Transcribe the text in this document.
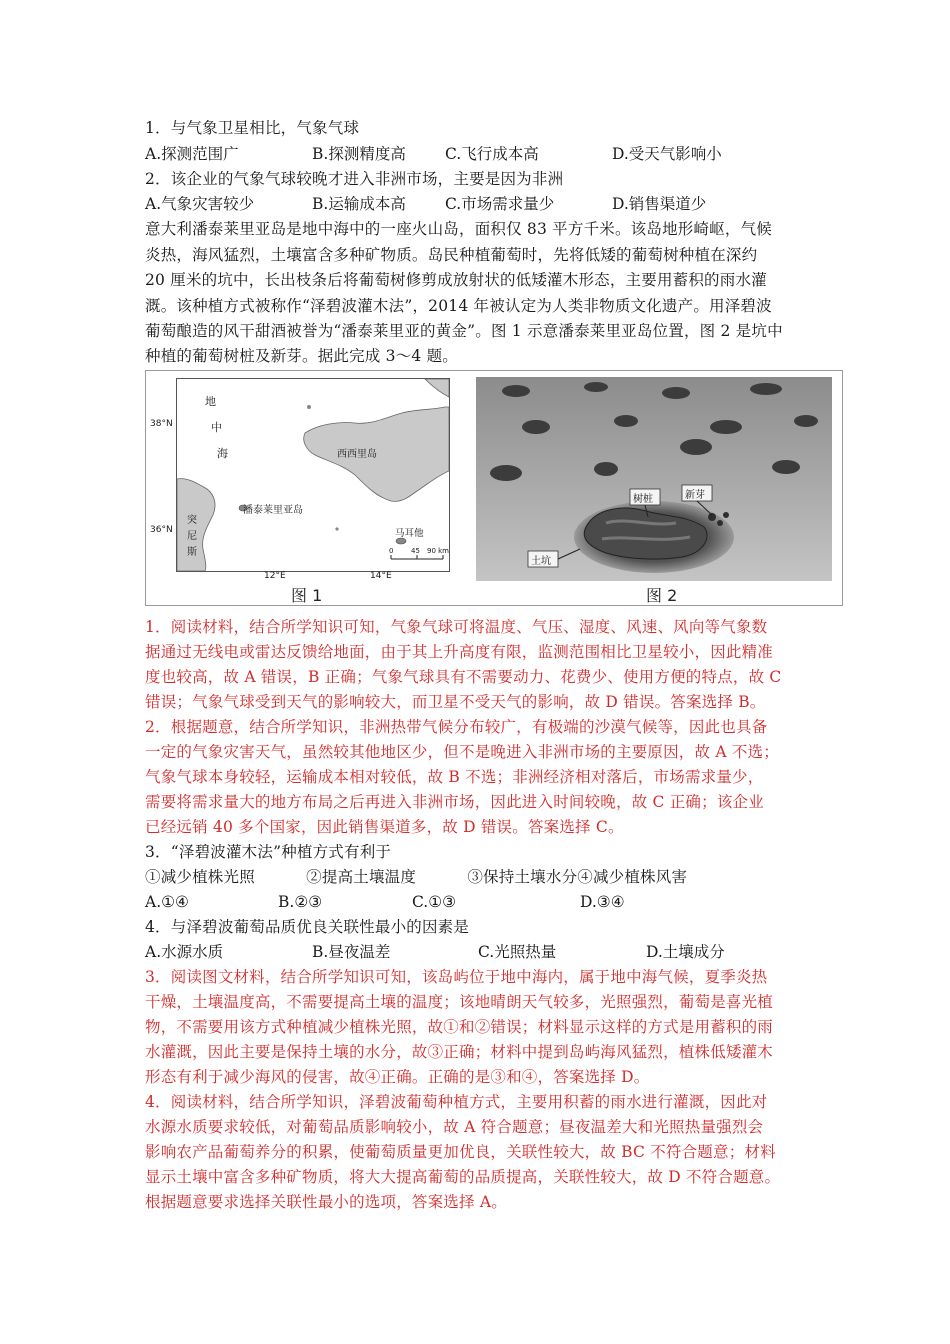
1．与气象卫星相比，气象气球
A.探测范围广	B.探测精度高	C.飞行成本高	D.受天气影响小
2．该企业的气象气球较晚才进入非洲市场，主要是因为非洲
A.气象灾害较少	B.运输成本高	C.市场需求量少	D.销售渠道少
意大利潘泰莱里亚岛是地中海中的一座火山岛，面积仅 83 平方千米。该岛地形崎岖，气候
炎热，海风猛烈，土壤富含多种矿物质。岛民种植葡萄时，先将低矮的葡萄树种植在深约
20 厘米的坑中，长出枝条后将葡萄树修剪成放射状的低矮灌木形态，主要用蓄积的雨水灌
溉。该种植方式被称作“泽碧波灌木法”，2014 年被认定为人类非物质文化遗产。用泽碧波
葡萄酿造的风干甜酒被誉为“潘泰莱里亚的黄金”。图 1 示意潘泰莱里亚岛位置，图 2 是坑中
种植的葡萄树桩及新芽。据此完成 3～4 题。
地
中
海	西西里岛
潘泰莱里亚岛
突
尼
斯
马耳他
0	45 90 km
38°N
36°N
12°E	14°E
图 1
树桩	新芽
土坑
图 2
1．阅读材料，结合所学知识可知，气象气球可将温度、气压、湿度、风速、风向等气象数
据通过无线电或雷达反馈给地面，由于其上升高度有限，监测范围相比卫星较小，因此精准
度也较高，故 A 错误，B 正确；气象气球具有不需要动力、花费少、使用方便的特点，故 C
错误；气象气球受到天气的影响较大，而卫星不受天气的影响，故 D 错误。答案选择 B。
2．根据题意，结合所学知识，非洲热带气候分布较广，有极端的沙漠气候等，因此也具备
一定的气象灾害天气，虽然较其他地区少，但不是晚进入非洲市场的主要原因，故 A 不选；
气象气球本身较轻，运输成本相对较低，故 B 不选；非洲经济相对落后，市场需求量少，
需要将需求量大的地方布局之后再进入非洲市场，因此进入时间较晚，故 C 正确；该企业
已经远销 40 多个国家，因此销售渠道多，故 D 错误。答案选择 C。
3．“泽碧波灌木法”种植方式有利于
①减少植株光照          ②提高土壤温度          ③保持土壤水分④减少植株风害
A.①④	B.②③	C.①③	D.③④
4．与泽碧波葡萄品质优良关联性最小的因素是
A.水源水质	B.昼夜温差	C.光照热量	D.土壤成分
3．阅读图文材料，结合所学知识可知，该岛屿位于地中海内，属于地中海气候，夏季炎热
干燥，土壤温度高，不需要提高土壤的温度；该地晴朗天气较多，光照强烈，葡萄是喜光植
物，不需要用该方式种植减少植株光照，故①和②错误；材料显示这样的方式是用蓄积的雨
水灌溉，因此主要是保持土壤的水分，故③正确；材料中提到岛屿海风猛烈，植株低矮灌木
形态有利于减少海风的侵害，故④正确。正确的是③和④，答案选择 D。
4．阅读材料，结合所学知识，泽碧波葡萄种植方式，主要用积蓄的雨水进行灌溉，因此对
水源水质要求较低，对葡萄品质影响较小，故 A 符合题意；昼夜温差大和光照热量强烈会
影响农产品葡萄养分的积累，使葡萄质量更加优良，关联性较大，故 BC 不符合题意；材料
显示土壤中富含多种矿物质，将大大提高葡萄的品质提高，关联性较大，故 D 不符合题意。
根据题意要求选择关联性最小的选项，答案选择 A。
